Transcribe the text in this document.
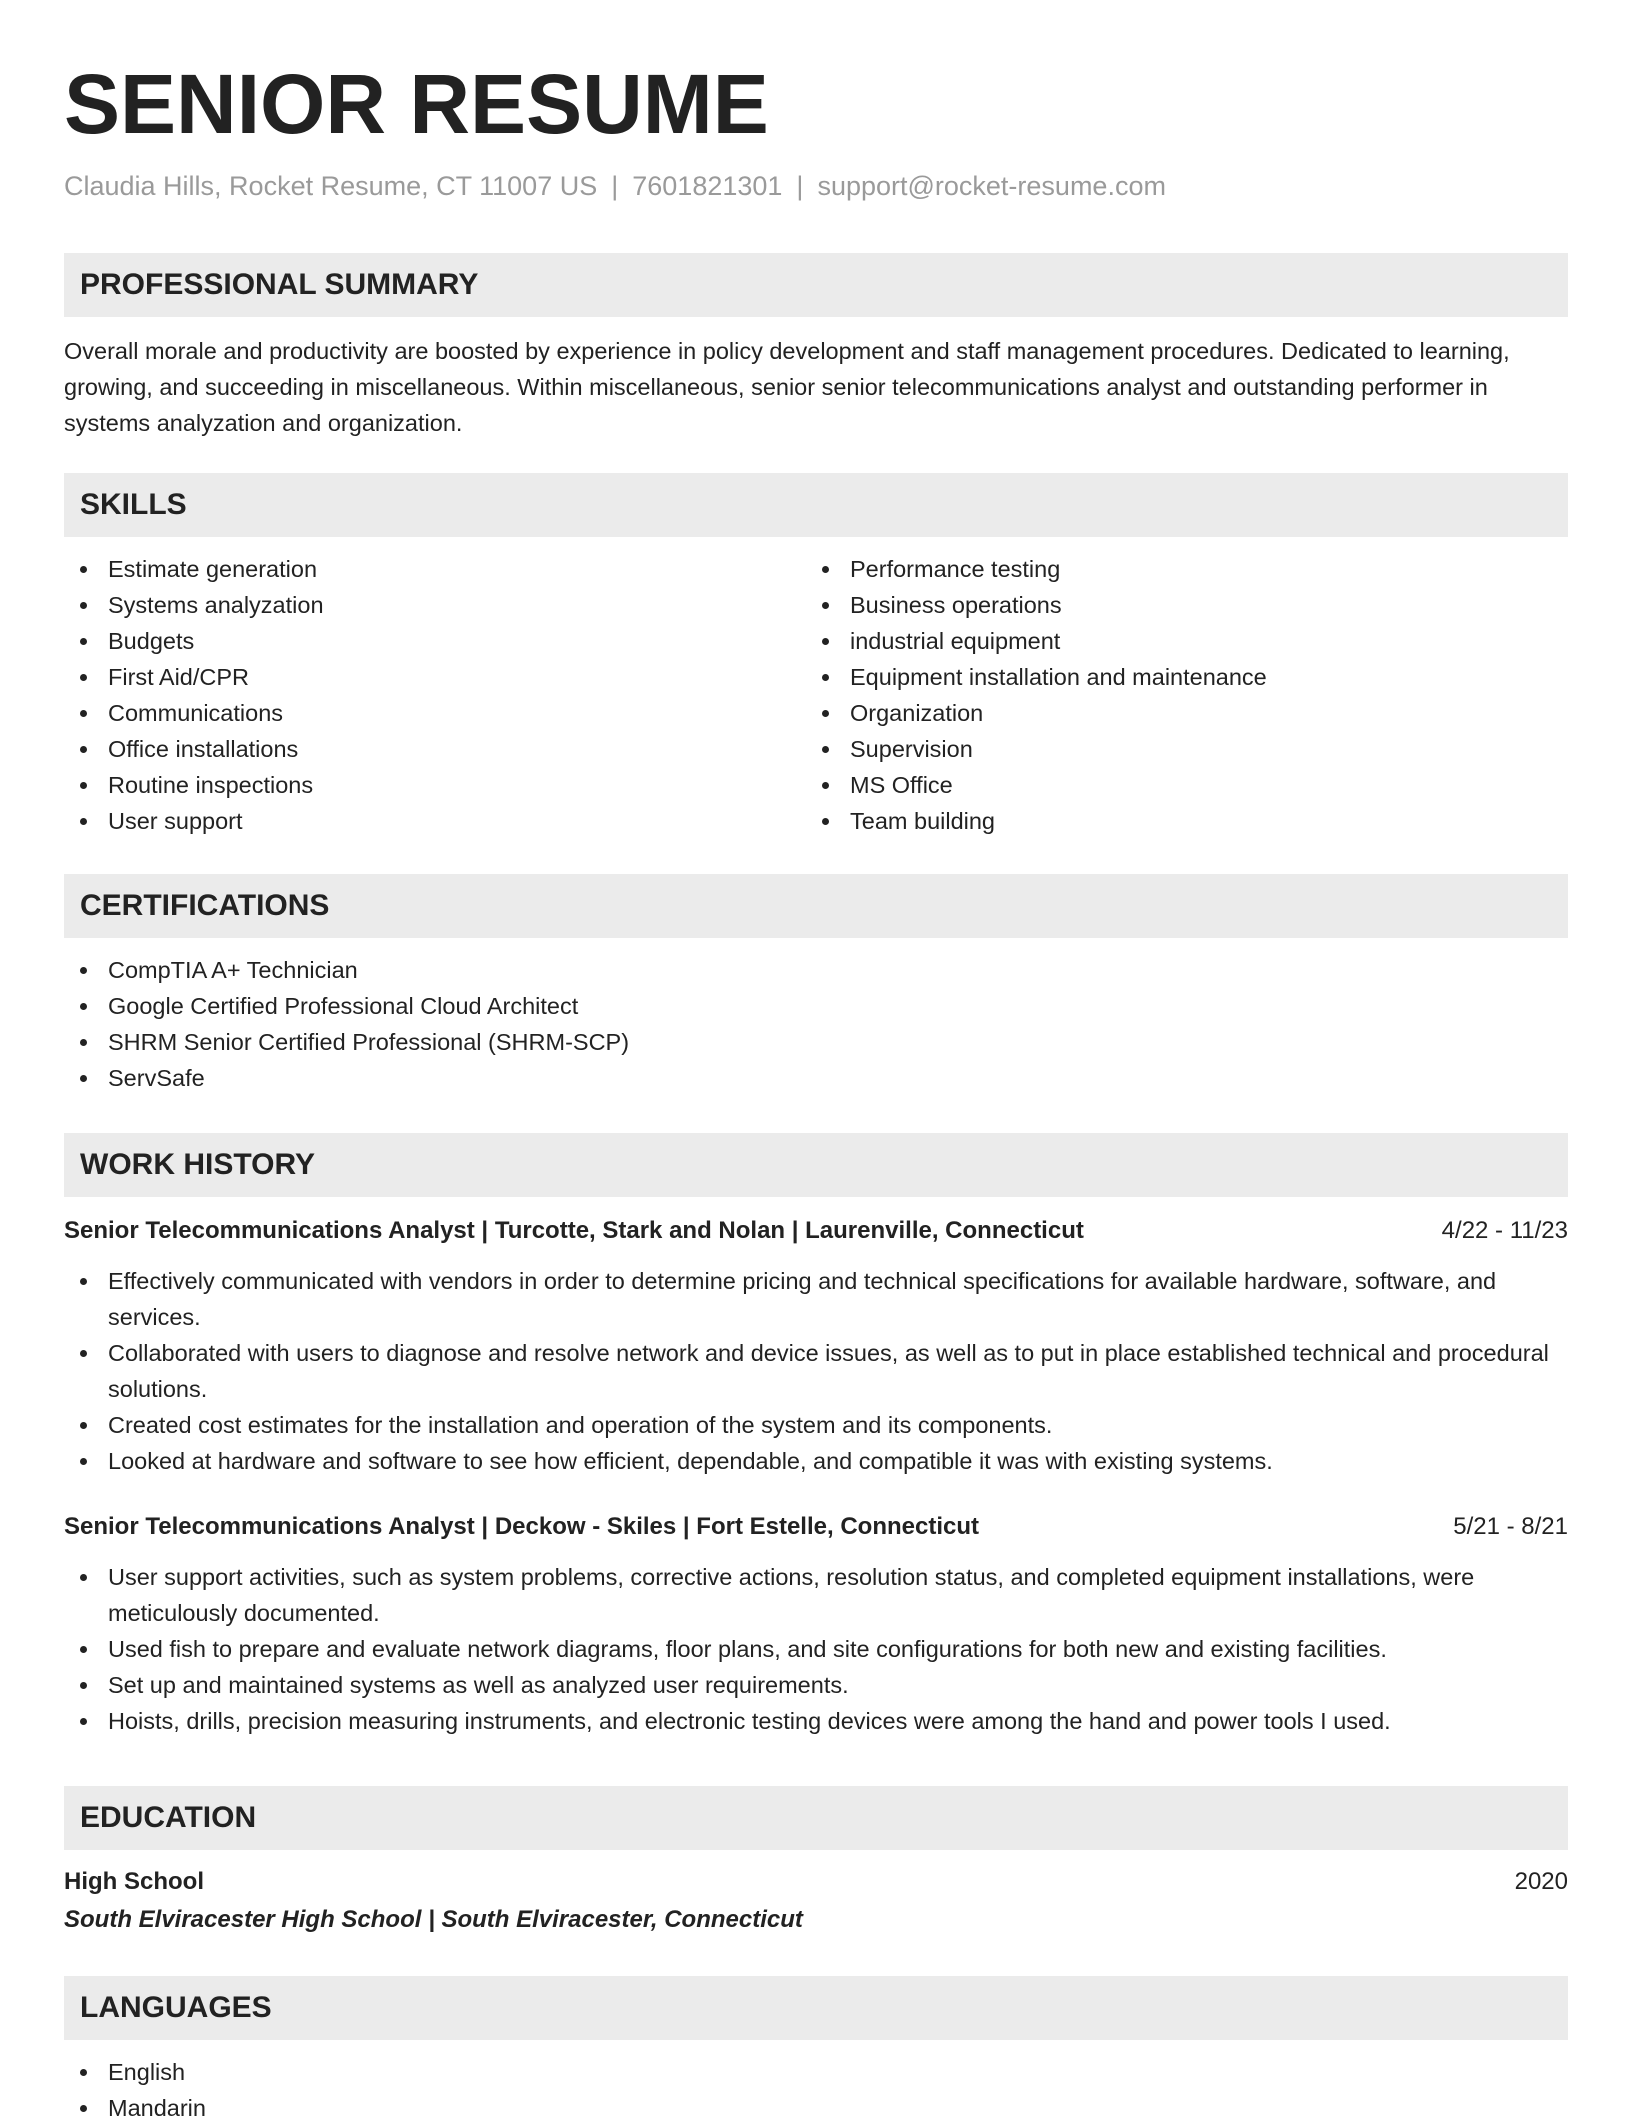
SENIOR RESUME
Claudia Hills, Rocket Resume, CT 11007 US | 7601821301 | support@rocket-resume.com
PROFESSIONAL SUMMARY

Overall morale and productivity are boosted by experience in policy development and staff management procedures. Dedicated to learning, growing, and succeeding in miscellaneous. Within miscellaneous, senior senior telecommunications analyst and outstanding performer in systems analyzation and organization.

SKILLS
Estimate generation
Systems analyzation
Budgets
First Aid/CPR
Communications
Office installations
Routine inspections
User support
Performance testing
Business operations
industrial equipment
Equipment installation and maintenance
Organization
Supervision
MS Office
Team building
CERTIFICATIONS
CompTIA A+ Technician
Google Certified Professional Cloud Architect
SHRM Senior Certified Professional (SHRM-SCP)
ServSafe
WORK HISTORY
Senior Telecommunications Analyst | Turcotte, Stark and Nolan | Laurenville, Connecticut	4/22 - 11/23
Effectively communicated with vendors in order to determine pricing and technical specifications for available hardware, software, and services.
Collaborated with users to diagnose and resolve network and device issues, as well as to put in place established technical and procedural solutions.
Created cost estimates for the installation and operation of the system and its components.
Looked at hardware and software to see how efficient, dependable, and compatible it was with existing systems.
Senior Telecommunications Analyst | Deckow - Skiles | Fort Estelle, Connecticut	5/21 - 8/21
User support activities, such as system problems, corrective actions, resolution status, and completed equipment installations, were meticulously documented.
Used fish to prepare and evaluate network diagrams, floor plans, and site configurations for both new and existing facilities.
Set up and maintained systems as well as analyzed user requirements.
Hoists, drills, precision measuring instruments, and electronic testing devices were among the hand and power tools I used.
EDUCATION
High School	2020
South Elviracester High School | South Elviracester, Connecticut
LANGUAGES
English
Mandarin
